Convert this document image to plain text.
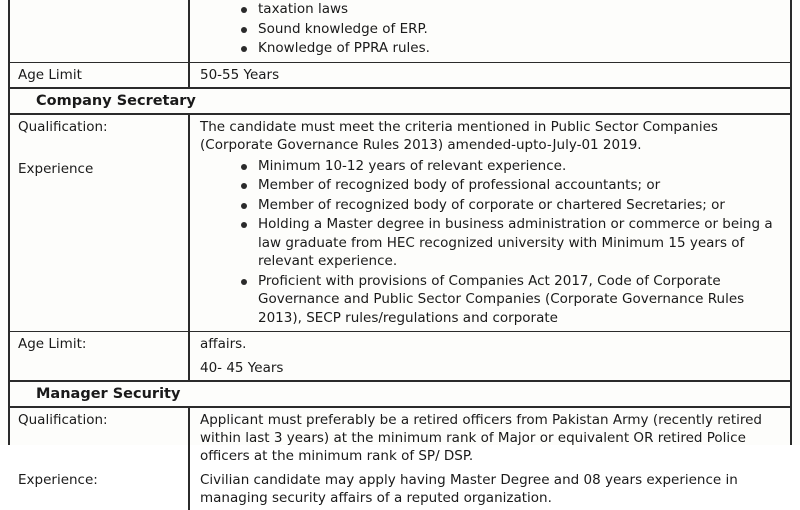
taxation laws
Sound knowledge of ERP.
Knowledge of PPRA rules.
Age Limit	50-55 Years
Company Secretary
Qualification:	The candidate must meet the criteria mentioned in Public Sector Companies (Corporate Governance Rules 2013) amended-upto-July-01 2019.
Experience	Minimum 10-12 years of relevant experience.
Member of recognized body of professional accountants; or
Member of recognized body of corporate or chartered Secretaries; or
Holding a Master degree in business administration or commerce or being a law graduate from HEC recognized university with Minimum 15 years of relevant experience.
Proficient with provisions of Companies Act 2017, Code of Corporate Governance and Public Sector Companies (Corporate Governance Rules 2013), SECP rules/regulations and corporate
Age Limit:	affairs.

40- 45 Years
Manager Security
Qualification:	Applicant must preferably be a retired officers from Pakistan Army (recently retired within last 3 years) at the minimum rank of Major or equivalent OR retired Police officers at the minimum rank of SP/ DSP.
Experience:	Civilian candidate may apply having Master Degree and 08 years experience in managing security affairs of a reputed organization.
